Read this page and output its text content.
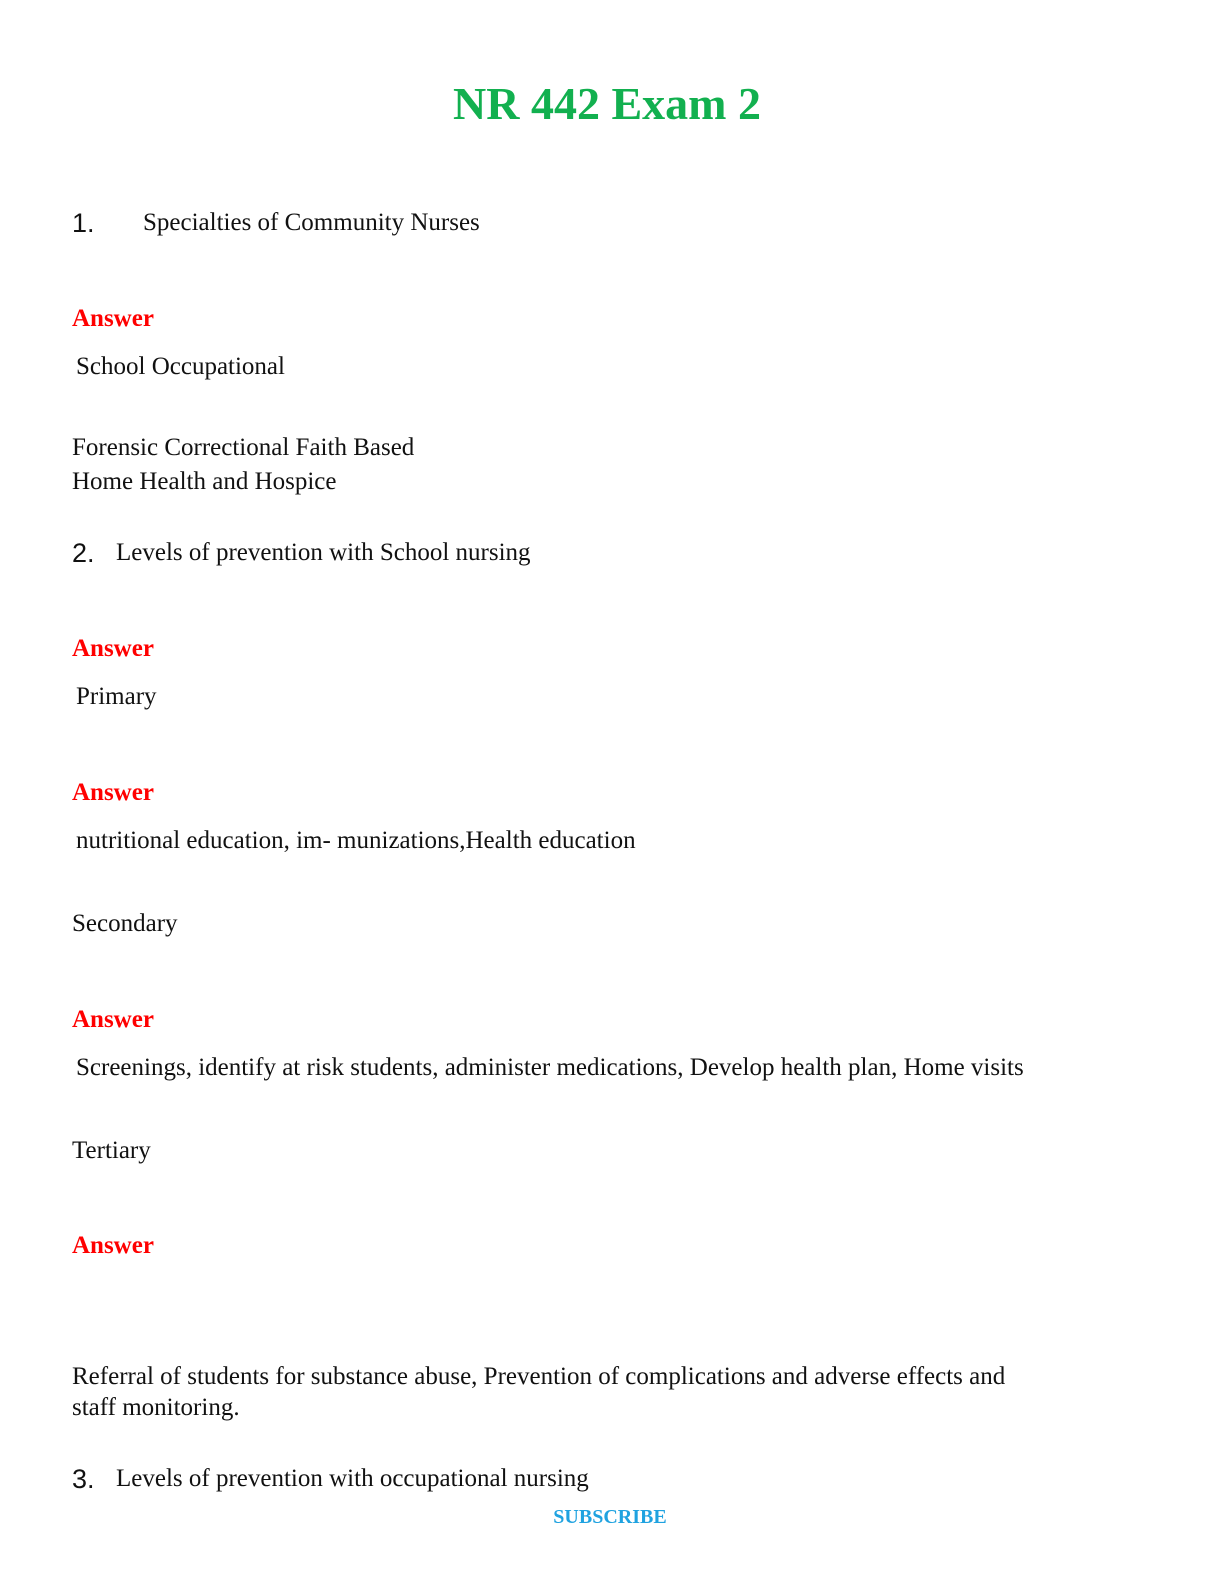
NR 442 Exam 2
1. Specialties of Community Nurses
Answer
School Occupational
Forensic Correctional Faith Based
Home Health and Hospice
2. Levels of prevention with School nursing
Answer
Primary
Answer
nutritional education, im- munizations,Health education
Secondary
Answer
Screenings, identify at risk students, administer medications, Develop health plan, Home visits
Tertiary
Answer
Referral of students for substance abuse, Prevention of complications and adverse effects and
staff monitoring.
3. Levels of prevention with occupational nursing
SUBSCRIBE
